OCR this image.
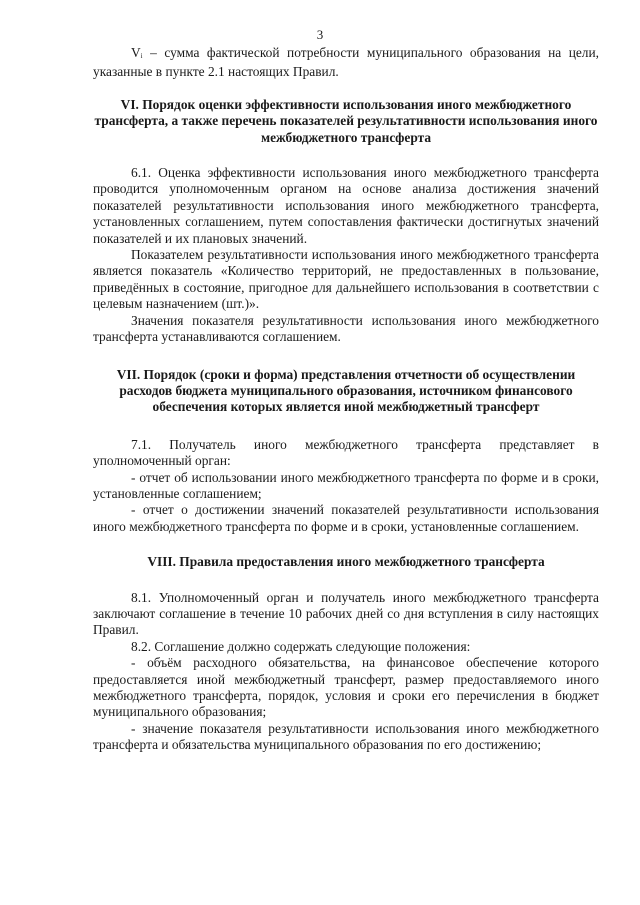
3

$V_i$ – сумма фактической потребности муниципального образования на цели, указанные в пункте 2.1 настоящих Правил.

VI. Порядок оценки эффективности использования иного межбюджетного трансферта, а также перечень показателей результативности использования иного межбюджетного трансферта

6.1. Оценка эффективности использования иного межбюджетного трансферта проводится уполномоченным органом на основе анализа достижения значений показателей результативности использования иного межбюджетного трансферта, установленных соглашением, путем сопоставления фактически достигнутых значений показателей и их плановых значений.

Показателем результативности использования иного межбюджетного трансферта является показатель «Количество территорий, не предоставленных в пользование, приведённых в состояние, пригодное для дальнейшего использования в соответствии с целевым назначением (шт.)».

Значения показателя результативности использования иного межбюджетного трансферта устанавливаются соглашением.

VII. Порядок (сроки и форма) представления отчетности об осуществлении расходов бюджета муниципального образования, источником финансового обеспечения которых является иной межбюджетный трансферт

7.1. Получатель иного межбюджетного трансферта представляет в уполномоченный орган:

- отчет об использовании иного межбюджетного трансферта по форме и в сроки, установленные соглашением;

- отчет о достижении значений показателей результативности использования иного межбюджетного трансферта по форме и в сроки, установленные соглашением.

VIII. Правила предоставления иного межбюджетного трансферта

8.1. Уполномоченный орган и получатель иного межбюджетного трансферта заключают соглашение в течение 10 рабочих дней со дня вступления в силу настоящих Правил.

8.2. Соглашение должно содержать следующие положения:

- объём расходного обязательства, на финансовое обеспечение которого предоставляется иной межбюджетный трансферт, размер предоставляемого иного межбюджетного трансферта, порядок, условия и сроки его перечисления в бюджет муниципального образования;

- значение показателя результативности использования иного межбюджетного трансферта и обязательства муниципального образования по его достижению;
